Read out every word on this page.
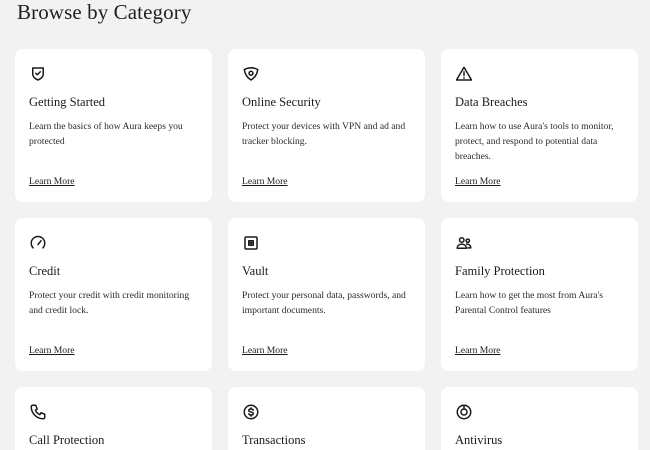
Browse by Category
Getting Started
Learn the basics of how Aura keeps you protected
Learn More
Online Security
Protect your devices with VPN and ad and tracker blocking.
Learn More
Data Breaches
Learn how to use Aura's tools to monitor, protect, and respond to potential data breaches.
Learn More
Credit
Protect your credit with credit monitoring and credit lock.
Learn More
Vault
Protect your personal data, passwords, and important documents.
Learn More
Family Protection
Learn how to get the most from Aura's Parental Control features
Learn More
Call Protection	Transactions	Antivirus
